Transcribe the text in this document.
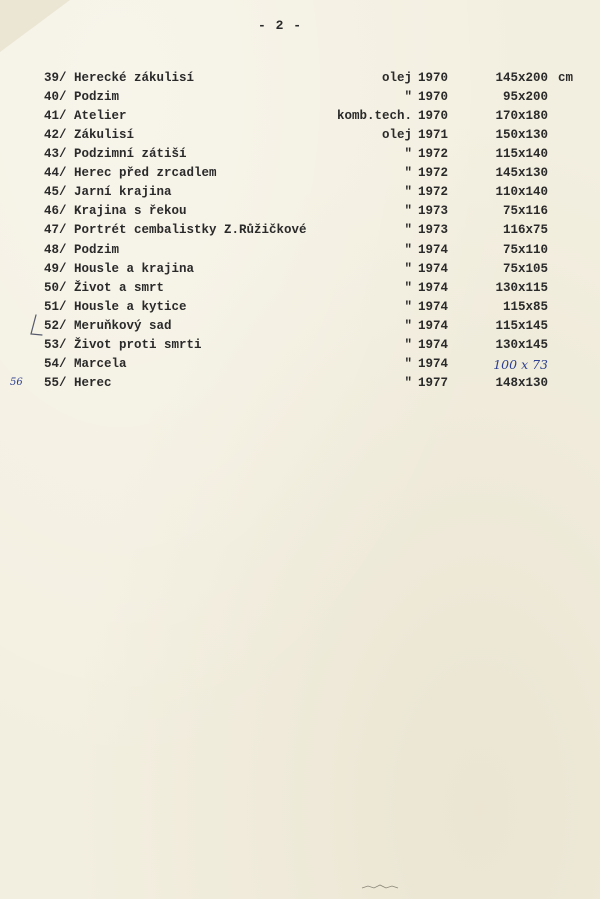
- 2 -
39/ Herecké zákulisí	olej 1970	145x200 cm
40/ Podzim	" 1970	95x200
41/ Atelier	komb.tech. 1970	170x180
42/ Zákulisí	olej 1971	150x130
43/ Podzimní zátiší	" 1972	115x140
44/ Herec před zrcadlem	" 1972	145x130
45/ Jarní krajina	" 1972	110x140
46/ Krajina s řekou	" 1973	75x116
47/ Portrét cembalistky Z.Růžičkové	" 1973	116x75
48/ Podzim	" 1974	75x110
49/ Housle a krajina	" 1974	75x105
50/ Život a smrt	" 1974	130x115
51/ Housle a kytice	" 1974	115x85
52/ Meruňkový sad	" 1974	115x145
53/ Život proti smrti	" 1974	130x145
54/ Marcela	" 1974	100 x 73
55/ Herec	" 1977	148x130
56
